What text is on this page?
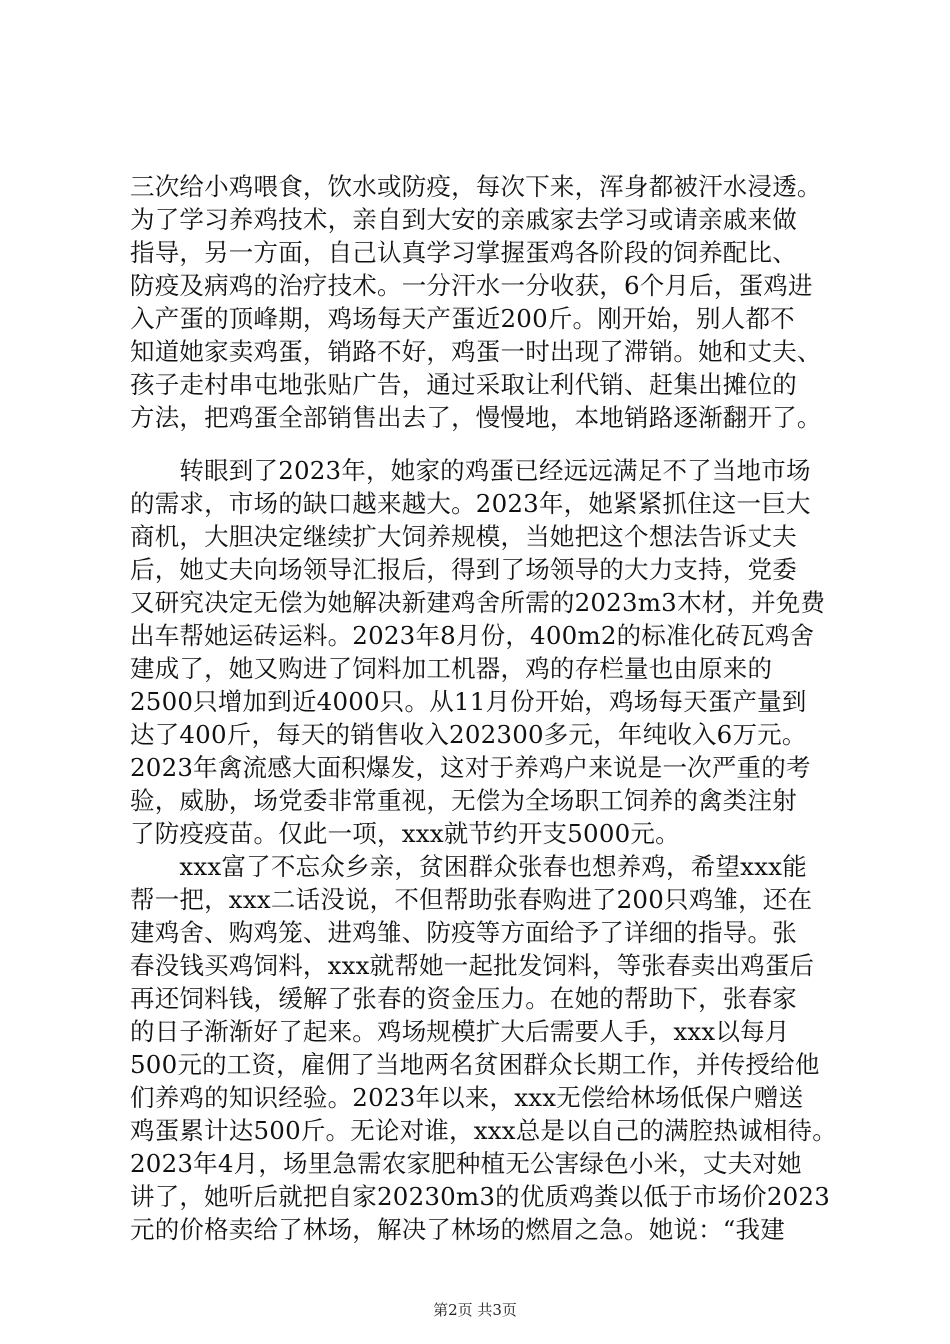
三次给小鸡喂食，饮水或防疫，每次下来，浑身都被汗水浸透。
为了学习养鸡技术，亲自到大安的亲戚家去学习或请亲戚来做
指导，另一方面，自己认真学习掌握蛋鸡各阶段的饲养配比、
防疫及病鸡的治疗技术。一分汗水一分收获，6个月后，蛋鸡进
入产蛋的顶峰期，鸡场每天产蛋近200斤。刚开始，别人都不
知道她家卖鸡蛋，销路不好，鸡蛋一时出现了滞销。她和丈夫、
孩子走村串屯地张贴广告，通过采取让利代销、赶集出摊位的
方法，把鸡蛋全部销售出去了，慢慢地，本地销路逐渐翻开了。
　　转眼到了2023年，她家的鸡蛋已经远远满足不了当地市场
的需求，市场的缺口越来越大。2023年，她紧紧抓住这一巨大
商机，大胆决定继续扩大饲养规模，当她把这个想法告诉丈夫
后，她丈夫向场领导汇报后，得到了场领导的大力支持，党委
又研究决定无偿为她解决新建鸡舍所需的2023m3木材，并免费
出车帮她运砖运料。2023年8月份，400m2的标准化砖瓦鸡舍
建成了，她又购进了饲料加工机器，鸡的存栏量也由原来的
2500只增加到近4000只。从11月份开始，鸡场每天蛋产量到
达了400斤，每天的销售收入202300多元，年纯收入6万元。
2023年禽流感大面积爆发，这对于养鸡户来说是一次严重的考
验，威胁，场党委非常重视，无偿为全场职工饲养的禽类注射
了防疫疫苗。仅此一项，xxx就节约开支5000元。
　　xxx富了不忘众乡亲，贫困群众张春也想养鸡，希望xxx能
帮一把，xxx二话没说，不但帮助张春购进了200只鸡雏，还在
建鸡舍、购鸡笼、进鸡雏、防疫等方面给予了详细的指导。张
春没钱买鸡饲料，xxx就帮她一起批发饲料，等张春卖出鸡蛋后
再还饲料钱，缓解了张春的资金压力。在她的帮助下，张春家
的日子渐渐好了起来。鸡场规模扩大后需要人手，xxx以每月
500元的工资，雇佣了当地两名贫困群众长期工作，并传授给他
们养鸡的知识经验。2023年以来，xxx无偿给林场低保户赠送
鸡蛋累计达500斤。无论对谁，xxx总是以自己的满腔热诚相待。
2023年4月，场里急需农家肥种植无公害绿色小米，丈夫对她
讲了，她听后就把自家20230m3的优质鸡粪以低于市场价2023
元的价格卖给了林场，解决了林场的燃眉之急。她说：“我建
第2页 共3页
